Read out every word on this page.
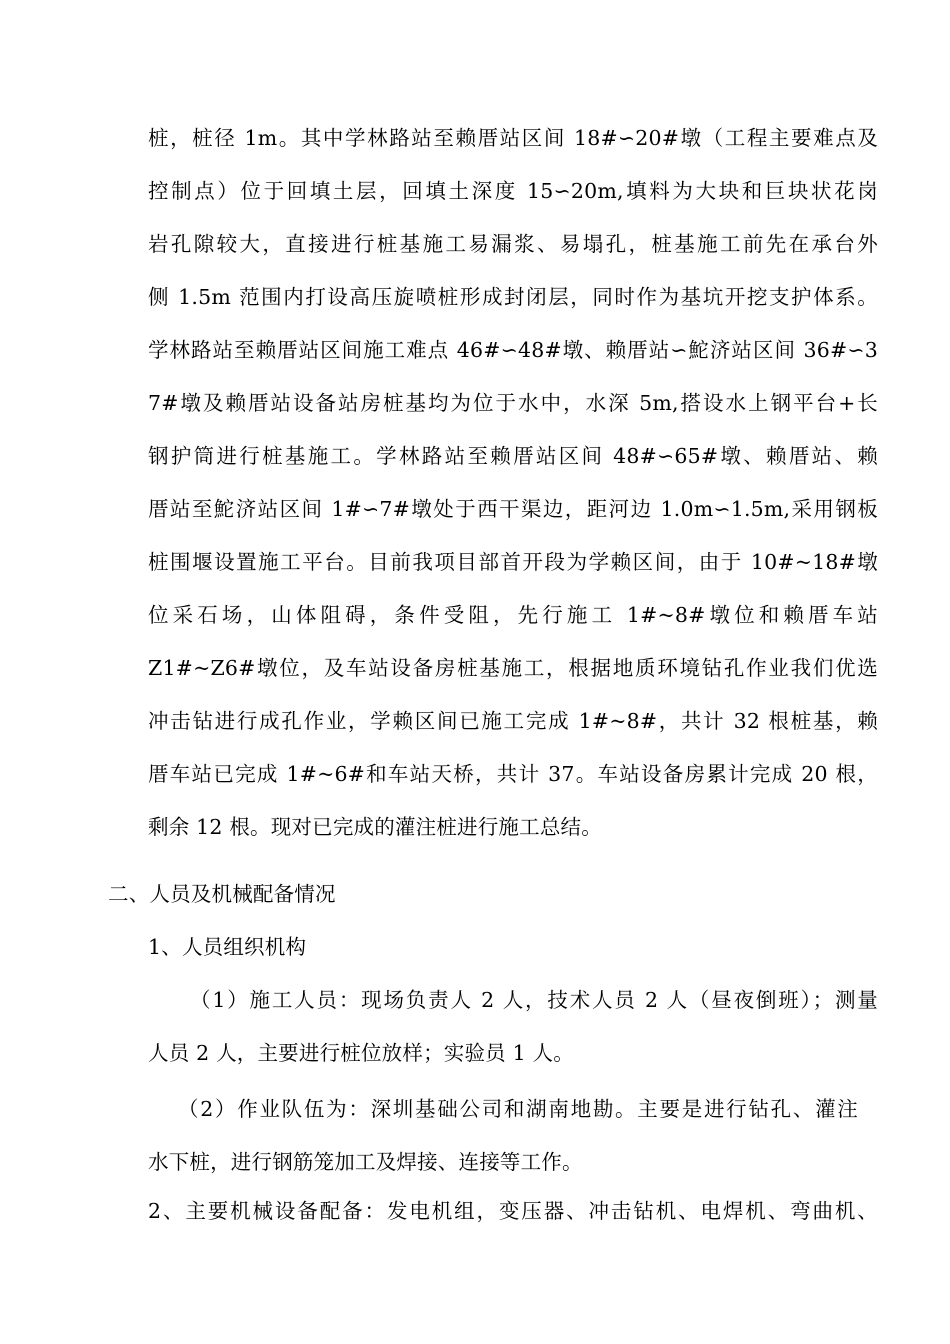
桩，桩径 1m。其中学林路站至赖厝站区间 18#∽20#墩（工程主要难点及
控制点）位于回填土层，回填土深度 15∽20m,填料为大块和巨块状花岗
岩孔隙较大，直接进行桩基施工易漏浆、易塌孔，桩基施工前先在承台外
侧 1.5m 范围内打设高压旋喷桩形成封闭层，同时作为基坑开挖支护体系。
学林路站至赖厝站区间施工难点 46#∽48#墩、赖厝站∽鮀济站区间 36#∽3
7#墩及赖厝站设备站房桩基均为位于水中，水深 5m,搭设水上钢平台+长
钢护筒进行桩基施工。学林路站至赖厝站区间 48#∽65#墩、赖厝站、赖
厝站至鮀济站区间 1#∽7#墩处于西干渠边，距河边 1.0m∽1.5m,采用钢板
桩围堰设置施工平台。目前我项目部首开段为学赖区间，由于 10#~18#墩
位采石场，山体阻碍，条件受阻，先行施工 1#~8#墩位和赖厝车站
Z1#~Z6#墩位，及车站设备房桩基施工，根据地质环境钻孔作业我们优选
冲击钻进行成孔作业，学赖区间已施工完成 1#~8#，共计 32 根桩基，赖
厝车站已完成 1#~6#和车站天桥，共计 37。车站设备房累计完成 20 根，
剩余 12 根。现对已完成的灌注桩进行施工总结。
二、人员及机械配备情况
1、人员组织机构
（1）施工人员：现场负责人 2 人，技术人员 2 人（昼夜倒班）；测量
人员 2 人，主要进行桩位放样；实验员 1 人。
（2）作业队伍为：深圳基础公司和湖南地勘。主要是进行钻孔、灌注
水下桩，进行钢筋笼加工及焊接、连接等工作。
2、主要机械设备配备：发电机组，变压器、冲击钻机、电焊机、弯曲机、
